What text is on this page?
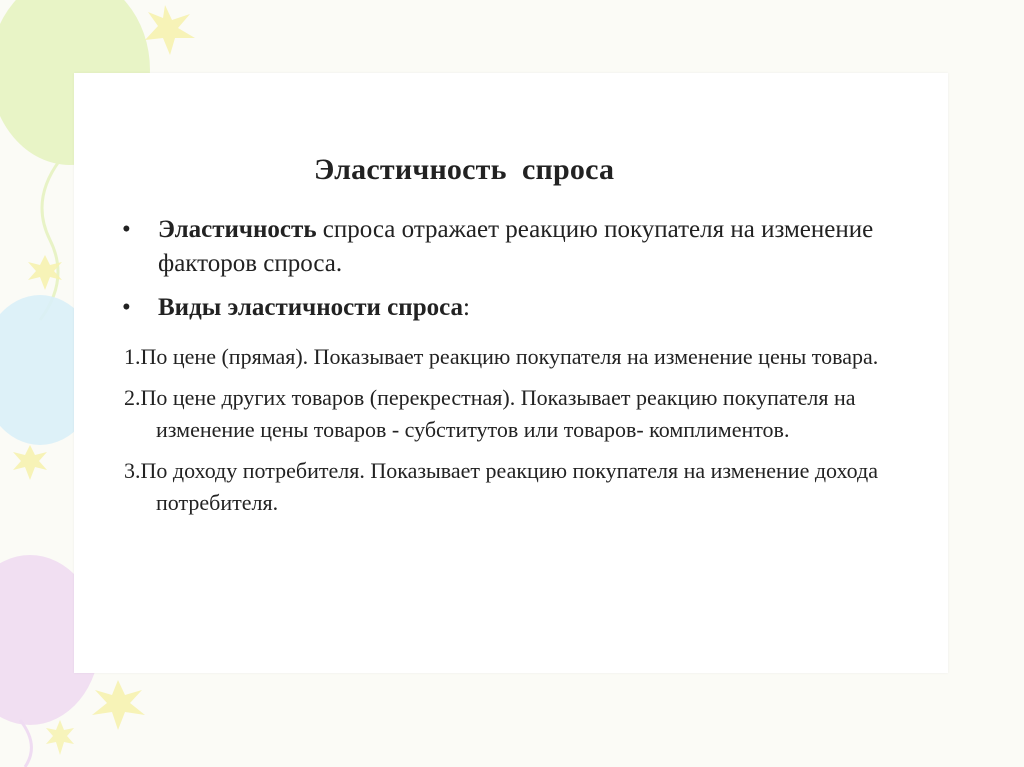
Эластичность  спроса
• Эластичность спроса отражает реакцию покупателя на изменение факторов спроса.
• Виды эластичности спроса:
1.По цене (прямая). Показывает реакцию покупателя на изменение цены товара.
2.По цене других товаров (перекрестная). Показывает реакцию покупателя на изменение цены товаров - субститутов или товаров- комплиментов.
3.По доходу потребителя. Показывает реакцию покупателя на изменение дохода потребителя.
